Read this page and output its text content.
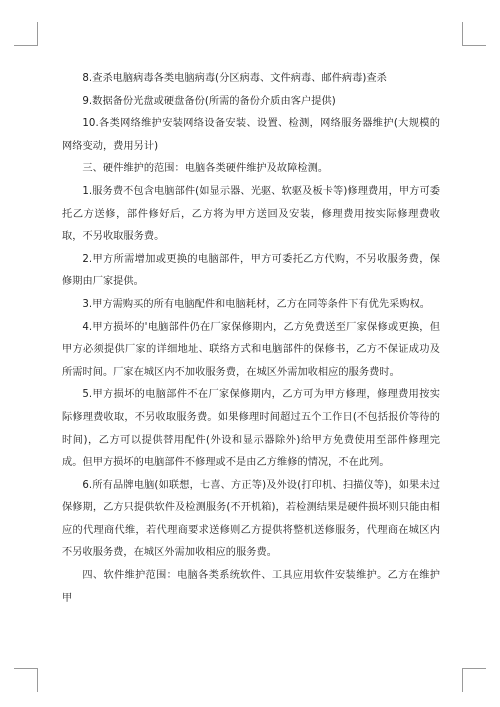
8.查杀电脑病毒各类电脑病毒(分区病毒、文件病毒、邮件病毒)查杀

9.数据备份光盘或硬盘备份(所需的备份介质由客户提供)

10.各类网络维护安装网络设备安装、设置、检测，网络服务器维护(大规模的网络变动，费用另计)

三、硬件维护的范围：电脑各类硬件维护及故障检测。

1.服务费不包含电脑部件(如显示器、光驱、软驱及板卡等)修理费用，甲方可委托乙方送修，部件修好后，乙方将为甲方送回及安装，修理费用按实际修理费收取，不另收取服务费。

2.甲方所需增加或更换的电脑部件，甲方可委托乙方代购，不另收服务费，保修期由厂家提供。

3.甲方需购买的所有电脑配件和电脑耗材，乙方在同等条件下有优先采购权。

4.甲方损坏的'电脑部件仍在厂家保修期内，乙方免费送至厂家保修或更换，但甲方必须提供厂家的详细地址、联络方式和电脑部件的保修书，乙方不保证成功及所需时间。厂家在城区内不加收服务费，在城区外需加收相应的服务费时。

5.甲方损坏的电脑部件不在厂家保修期内，乙方可为甲方修理，修理费用按实际修理费收取，不另收取服务费。如果修理时间超过五个工作日(不包括报价等待的时间)，乙方可以提供替用配件(外设和显示器除外)给甲方免费使用至部件修理完成。但甲方损坏的电脑部件不修理或不是由乙方维修的情况，不在此列。

6.所有品牌电脑(如联想，七喜、方正等)及外设(打印机、扫描仪等)，如果未过保修期，乙方只提供软件及检测服务(不开机箱)，若检测结果是硬件损坏则只能由相应的代理商代维，若代理商要求送修则乙方提供将整机送修服务，代理商在城区内不另收服务费，在城区外需加收相应的服务费。

四、软件维护范围：电脑各类系统软件、工具应用软件安装维护。乙方在维护甲
